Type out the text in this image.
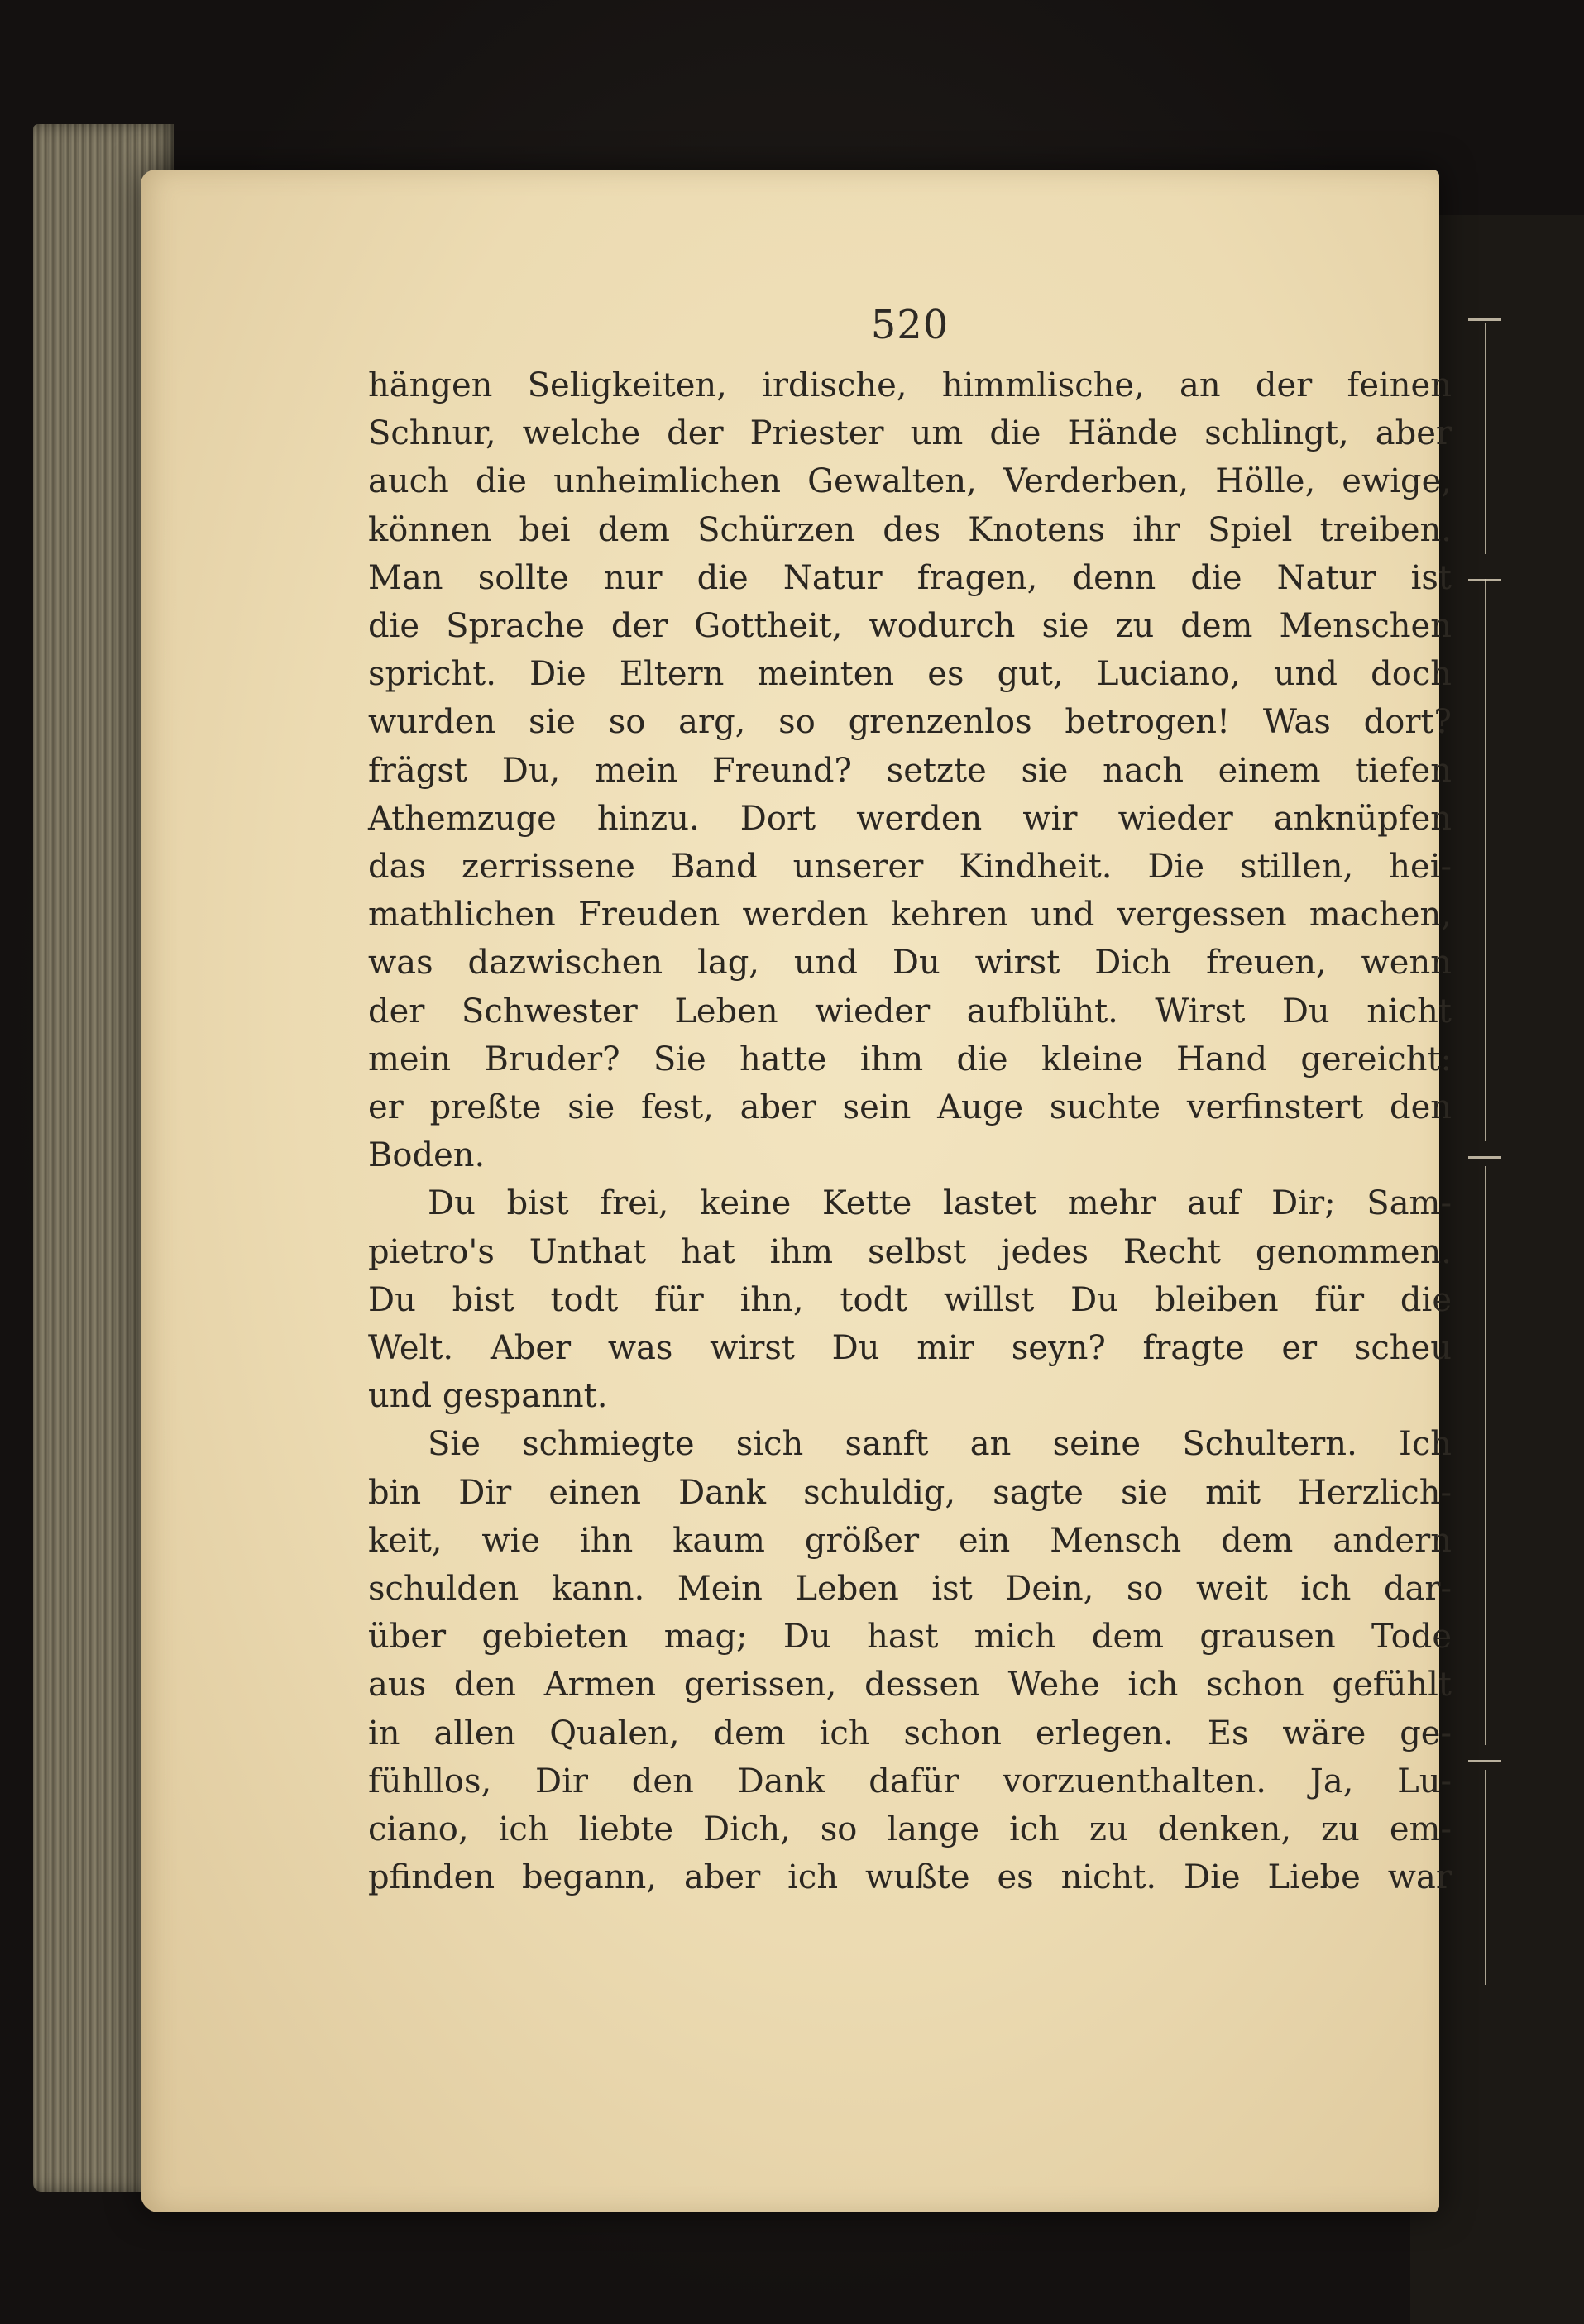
520
hängen Seligkeiten, irdische, himmlische, an der feinen
Schnur, welche der Priester um die Hände schlingt, aber
auch die unheimlichen Gewalten, Verderben, Hölle, ewige,
können bei dem Schürzen des Knotens ihr Spiel treiben.
Man sollte nur die Natur fragen, denn die Natur ist
die Sprache der Gottheit, wodurch sie zu dem Menschen
spricht. Die Eltern meinten es gut, Luciano, und doch
wurden sie so arg, so grenzenlos betrogen! Was dort?
frägst Du, mein Freund? setzte sie nach einem tiefen
Athemzuge hinzu. Dort werden wir wieder anknüpfen
das zerrissene Band unserer Kindheit. Die stillen, hei-
mathlichen Freuden werden kehren und vergessen machen,
was dazwischen lag, und Du wirst Dich freuen, wenn
der Schwester Leben wieder aufblüht. Wirst Du nicht
mein Bruder? Sie hatte ihm die kleine Hand gereicht:
er preßte sie fest, aber sein Auge suchte verfinstert den
Boden.
Du bist frei, keine Kette lastet mehr auf Dir; Sam-
pietro's Unthat hat ihm selbst jedes Recht genommen.
Du bist todt für ihn, todt willst Du bleiben für die
Welt. Aber was wirst Du mir seyn? fragte er scheu
und gespannt.
Sie schmiegte sich sanft an seine Schultern. Ich
bin Dir einen Dank schuldig, sagte sie mit Herzlich-
keit, wie ihn kaum größer ein Mensch dem andern
schulden kann. Mein Leben ist Dein, so weit ich dar-
über gebieten mag; Du hast mich dem grausen Tode
aus den Armen gerissen, dessen Wehe ich schon gefühlt
in allen Qualen, dem ich schon erlegen. Es wäre ge-
fühllos, Dir den Dank dafür vorzuenthalten. Ja, Lu-
ciano, ich liebte Dich, so lange ich zu denken, zu em-
pfinden begann, aber ich wußte es nicht. Die Liebe war
